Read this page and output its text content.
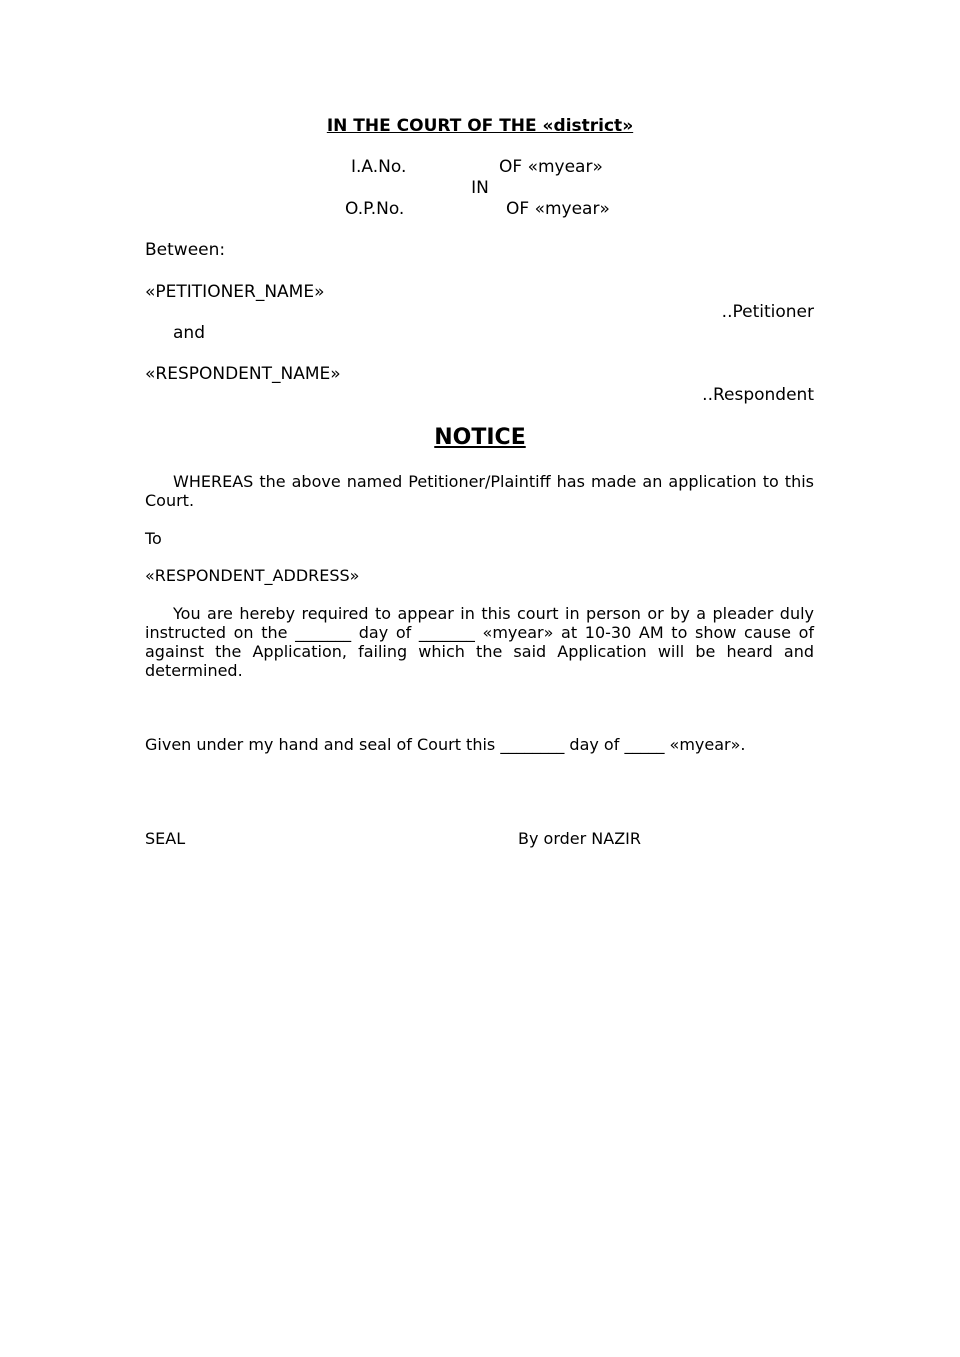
IN THE COURT OF THE «district»
I.A.No.	OF «myear»
IN
O.P.No.	OF «myear»
Between:
«PETITIONER_NAME»
..Petitioner
and
«RESPONDENT_NAME»
..Respondent
NOTICE
WHEREAS the above named Petitioner/Plaintiff has made an application to this Court.
To
«RESPONDENT_ADDRESS»
You are hereby required to appear in this court in person or by a pleader duly instructed on the _______ day of _______ «myear» at 10-30 AM to show cause of against the Application, failing which the said Application will be heard and determined.
Given under my hand and seal of Court this ________ day of _____ «myear».
SEAL	By order NAZIR
